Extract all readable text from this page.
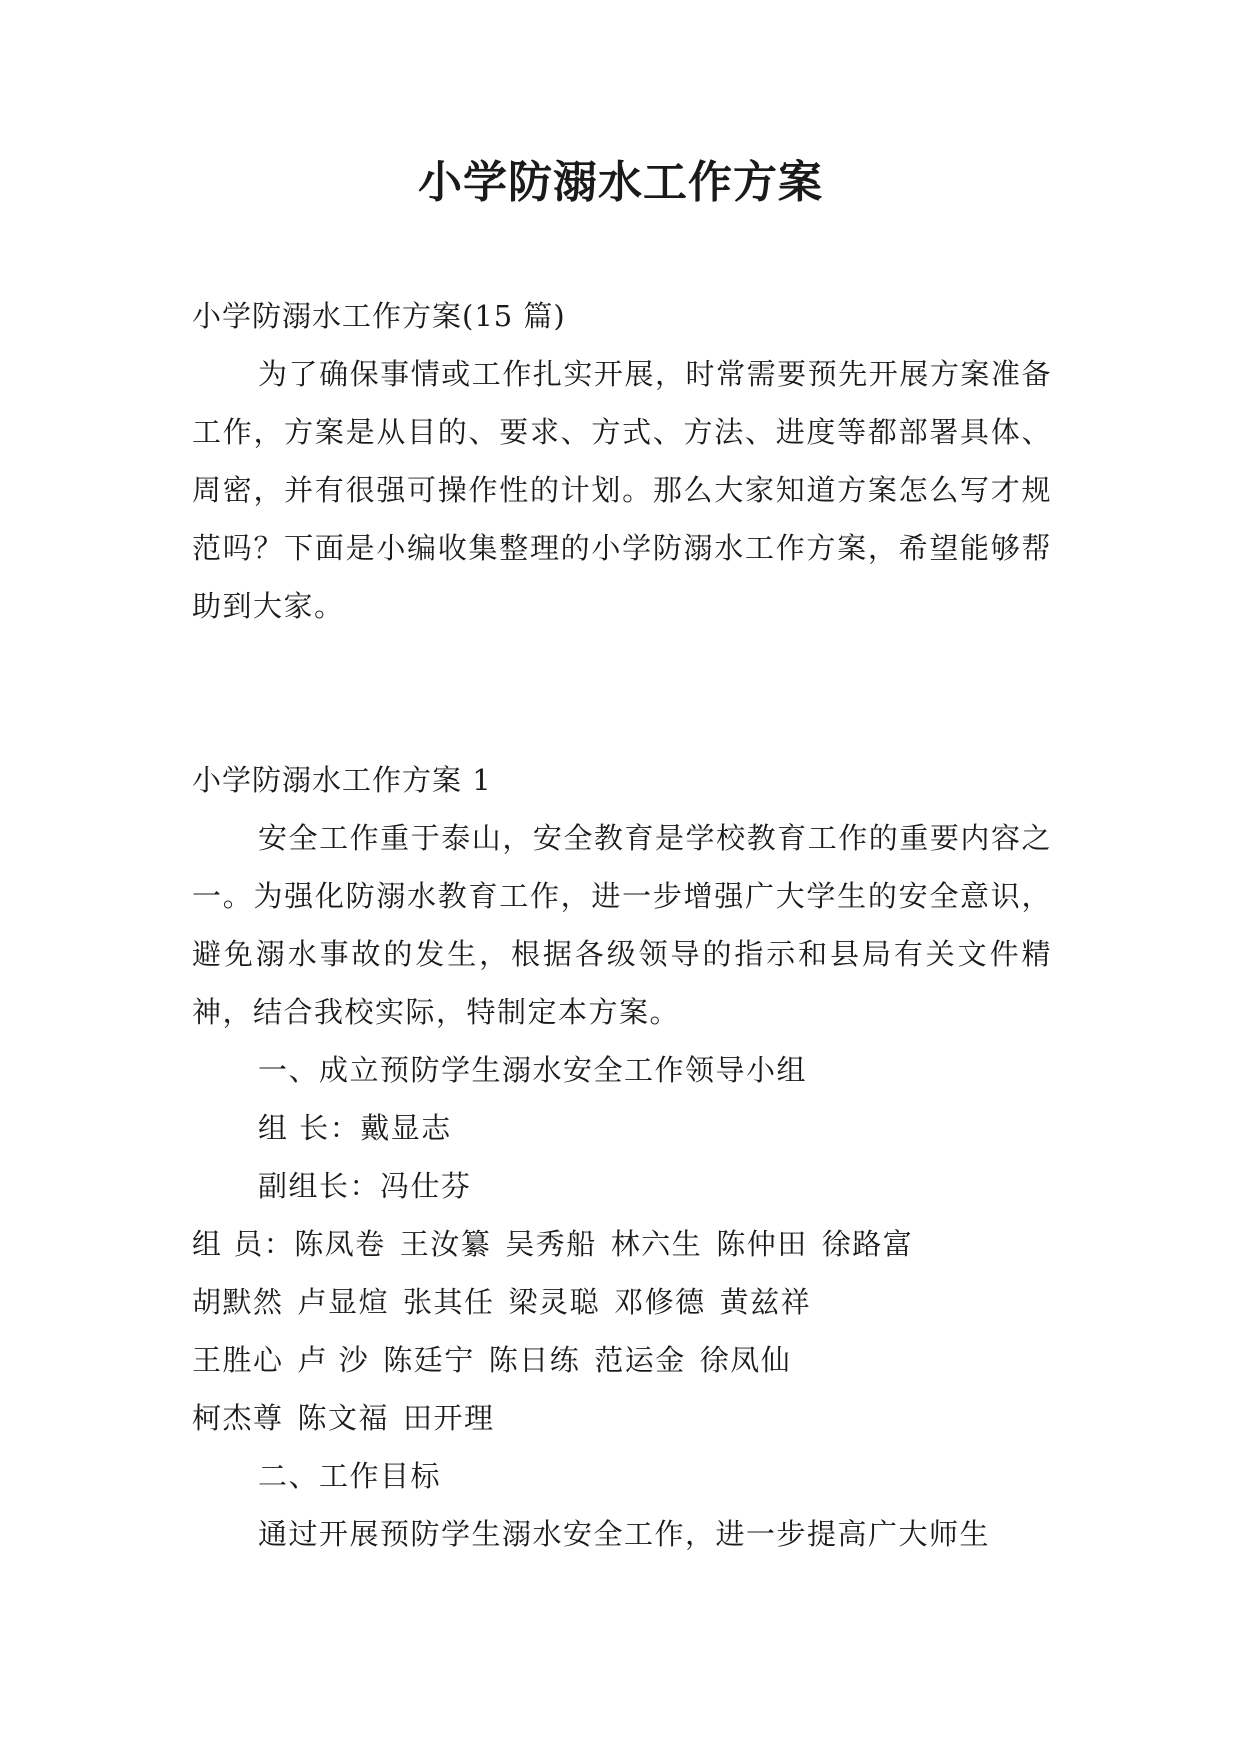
小学防溺水工作方案

小学防溺水工作方案(15 篇)

为了确保事情或工作扎实开展，时常需要预先开展方案准备工作，方案是从目的、要求、方式、方法、进度等都部署具体、周密，并有很强可操作性的计划。那么大家知道方案怎么写才规范吗？下面是小编收集整理的小学防溺水工作方案，希望能够帮助到大家。

小学防溺水工作方案 1

安全工作重于泰山，安全教育是学校教育工作的重要内容之一。为强化防溺水教育工作，进一步增强广大学生的安全意识，避免溺水事故的发生，根据各级领导的指示和县局有关文件精神，结合我校实际，特制定本方案。

一、成立预防学生溺水安全工作领导小组

组 长：戴显志

副组长：冯仕芬

组 员：陈凤卷 王汝纂 吴秀船 林六生 陈仲田 徐路富

胡默然 卢显煊 张其任 梁灵聪 邓修德 黄兹祥

王胜心 卢 沙 陈廷宁 陈日练 范运金 徐凤仙

柯杰尊 陈文福 田开理

二、工作目标

通过开展预防学生溺水安全工作，进一步提高广大师生
